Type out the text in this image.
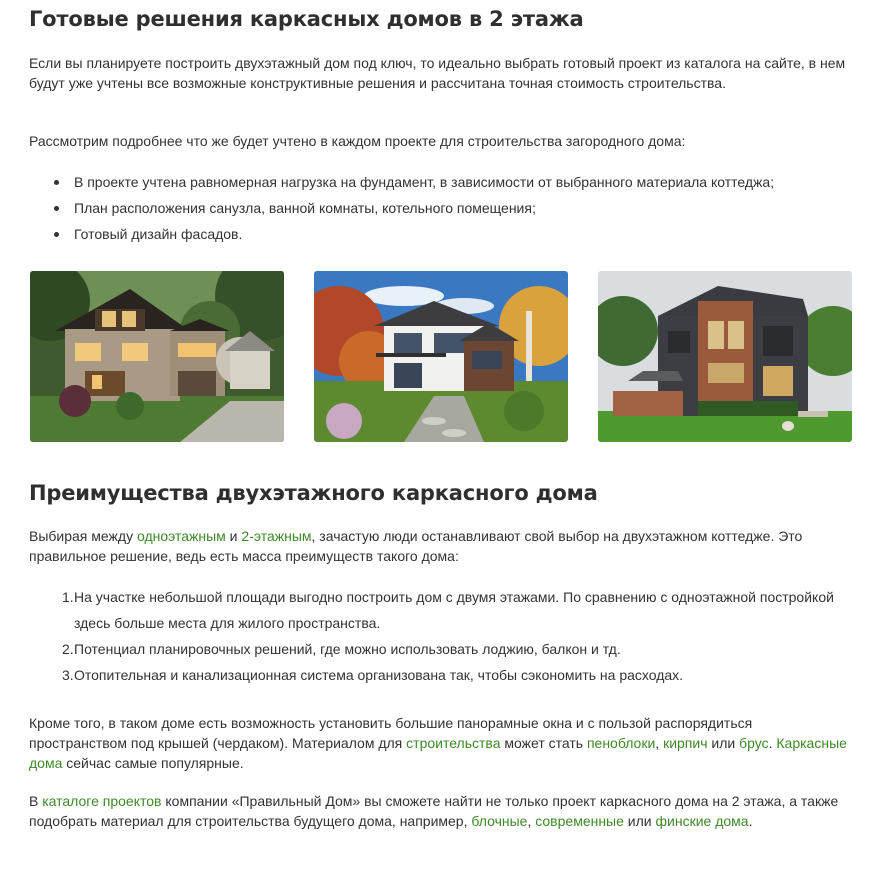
Готовые решения каркасных домов в 2 этажа

Если вы планируете построить двухэтажный дом под ключ, то идеально выбрать готовый проект из каталога на сайте, в нем будут уже учтены все возможные конструктивные решения и рассчитана точная стоимость строительства.

Рассмотрим подробнее что же будет учтено в каждом проекте для строительства загородного дома:

В проекте учтена равномерная нагрузка на фундамент, в зависимости от выбранного материала коттеджа;
План расположения санузла, ванной комнаты, котельного помещения;
Готовый дизайн фасадов.
Преимущества двухэтажного каркасного дома

Выбирая между одноэтажным и 2-этажным, зачастую люди останавливают свой выбор на двухэтажном коттедже. Это правильное решение, ведь есть масса преимуществ такого дома:

1. На участке небольшой площади выгодно построить дом с двумя этажами. По сравнению с одноэтажной постройкой здесь больше места для жилого пространства.
2. Потенциал планировочных решений, где можно использовать лоджию, балкон и тд.
3. Отопительная и канализационная система организована так, чтобы сэкономить на расходах.

Кроме того, в таком доме есть возможность установить большие панорамные окна и с пользой распорядиться пространством под крышей (чердаком). Материалом для строительства может стать пеноблоки, кирпич или брус. Каркасные дома сейчас самые популярные.

В каталоге проектов компании «Правильный Дом» вы сможете найти не только проект каркасного дома на 2 этажа, а также подобрать материал для строительства будущего дома, например, блочные, современные или финские дома.
